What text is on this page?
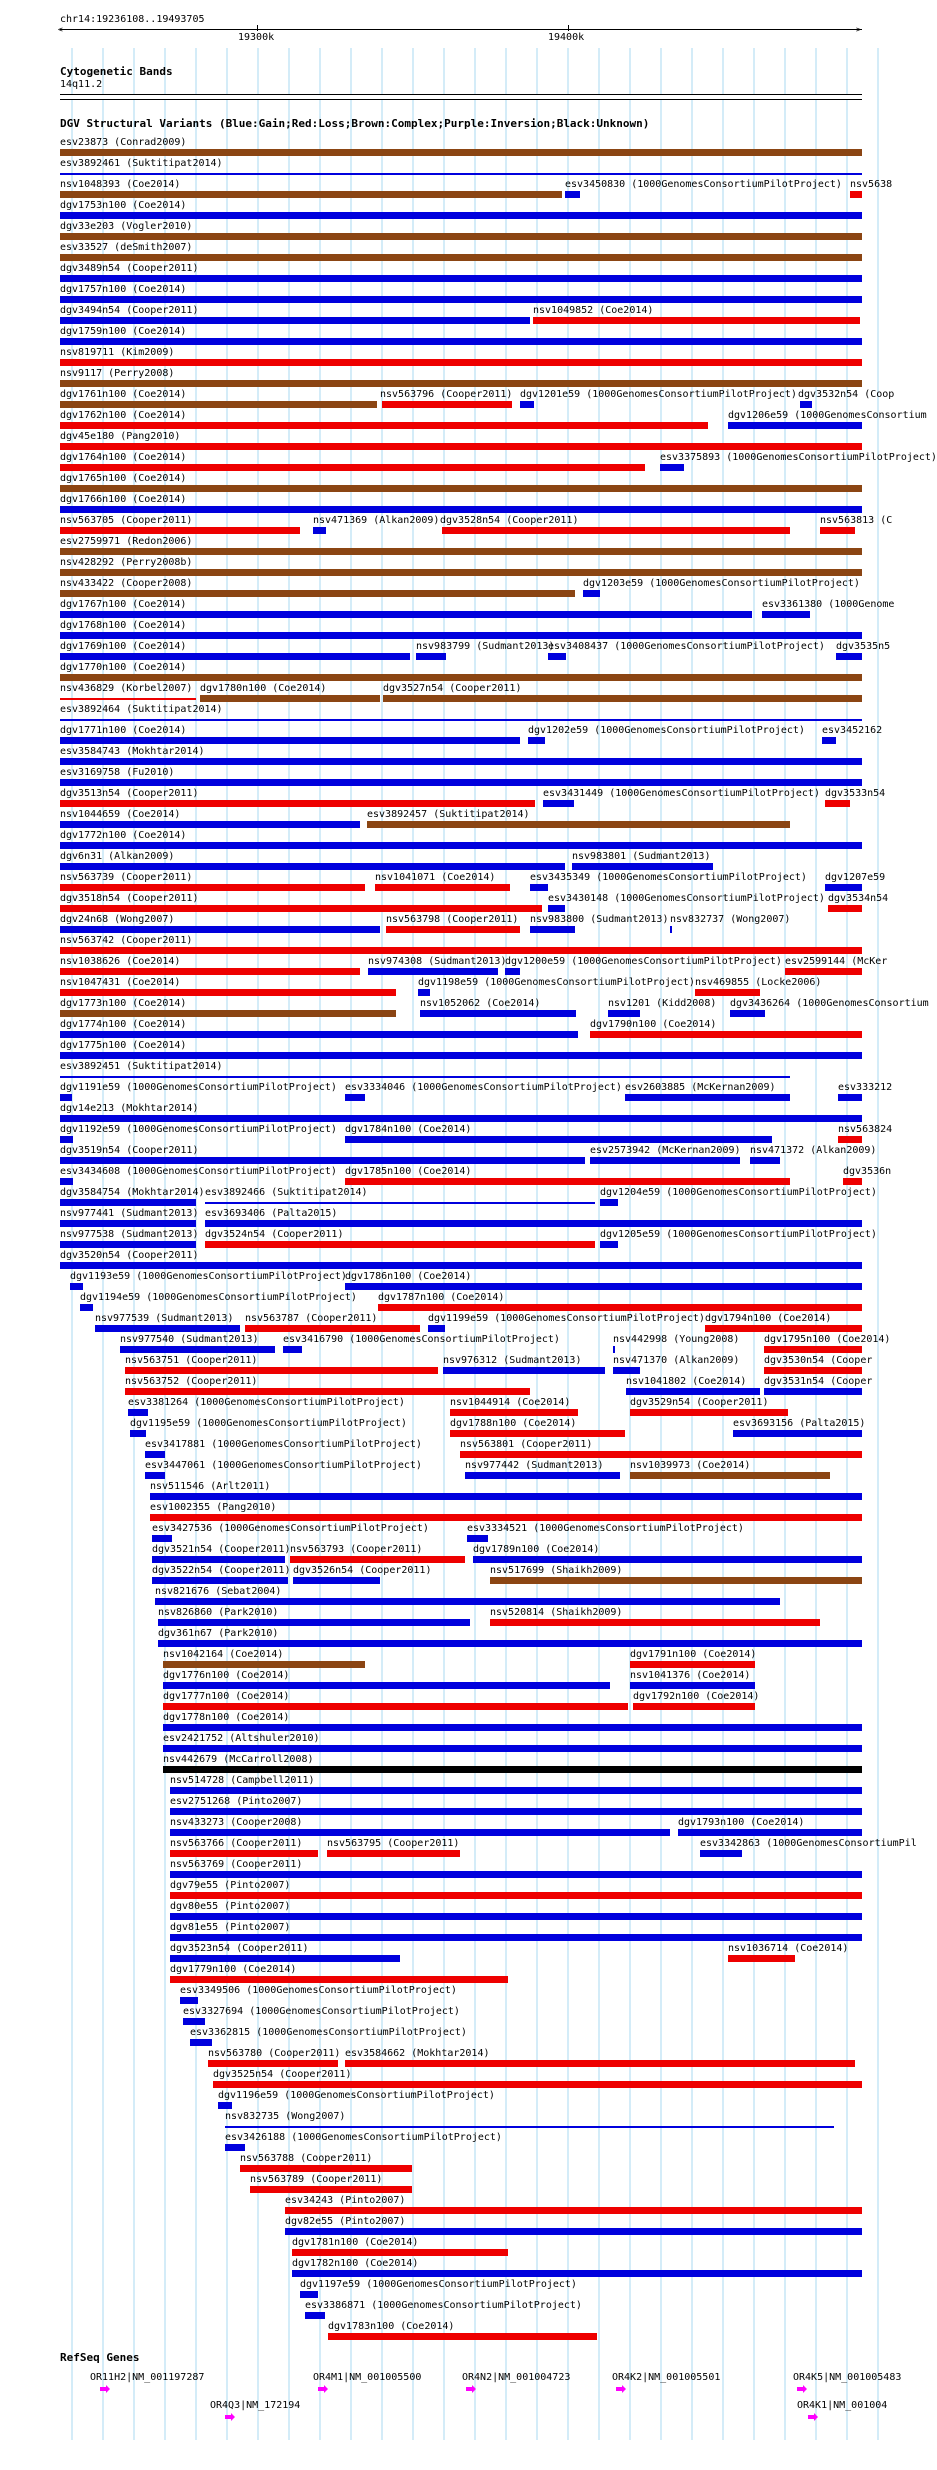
chr14:19236108..19493705
<	>
19300k	19400k
Cytogenetic Bands
14q11.2
DGV Structural Variants (Blue:Gain;Red:Loss;Brown:Complex;Purple:Inversion;Black:Unknown)
esv23873 (Conrad2009)
esv3892461 (Suktitipat2014)
nsv1048393 (Coe2014)	esv3450830 (1000GenomesConsortiumPilotProject) nsv5638
dgv1753n100 (Coe2014)
dgv33e203 (Vogler2010)
esv33527 (deSmith2007)
dgv3489n54 (Cooper2011)
dgv1757n100 (Coe2014)
dgv3494n54 (Cooper2011)	nsv1049852 (Coe2014)
dgv1759n100 (Coe2014)
nsv819711 (Kim2009)
nsv9117 (Perry2008)
dgv1761n100 (Coe2014)	nsv563796 (Cooper2011) dgv1201e59 (1000GenomesConsortiumPilotProject) dgv3532n54 (Coop
dgv1762n100 (Coe2014)	dgv1206e59 (1000GenomesConsortium
dgv45e180 (Pang2010)
dgv1764n100 (Coe2014)	esv3375893 (1000GenomesConsortiumPilotProject)
dgv1765n100 (Coe2014)
dgv1766n100 (Coe2014)
nsv563705 (Cooper2011)	nsv471369 (Alkan2009) dgv3528n54 (Cooper2011)	nsv563813 (C
esv2759971 (Redon2006)
nsv428292 (Perry2008b)
nsv433422 (Cooper2008)	dgv1203e59 (1000GenomesConsortiumPilotProject)
dgv1767n100 (Coe2014)	esv3361380 (1000Genome
dgv1768n100 (Coe2014)
dgv1769n100 (Coe2014)	nsv983799 (Sudmant2013)
esv3408437 (1000GenomesConsortiumPilotProject) dgv3535n5
dgv1770n100 (Coe2014)
nsv436829 (Korbel2007) dgv1780n100 (Coe2014)	dgv3527n54 (Cooper2011)
esv3892464 (Suktitipat2014)
dgv1771n100 (Coe2014)	dgv1202e59 (1000GenomesConsortiumPilotProject) esv3452162
esv3584743 (Mokhtar2014)
esv3169758 (Fu2010)
dgv3513n54 (Cooper2011)	esv3431449 (1000GenomesConsortiumPilotProject) dgv3533n54
nsv1044659 (Coe2014)	esv3892457 (Suktitipat2014)
dgv1772n100 (Coe2014)
dgv6n31 (Alkan2009)	nsv983801 (Sudmant2013)
nsv563739 (Cooper2011)	nsv1041071 (Coe2014)	esv3435349 (1000GenomesConsortiumPilotProject) dgv1207e59
dgv3518n54 (Cooper2011)	esv3430148 (1000GenomesConsortiumPilotProject) dgv3534n54
dgv24n68 (Wong2007)	nsv563798 (Cooper2011) nsv983800 (Sudmant2013) nsv832737 (Wong2007)
nsv563742 (Cooper2011)
nsv1038626 (Coe2014)	nsv974308 (Sudmant2013)
dgv1200e59 (1000GenomesConsortiumPilotProject) esv2599144 (McKer
nsv1047431 (Coe2014)	dgv1198e59 (1000GenomesConsortiumPilotProject) nsv469855 (Locke2006)
dgv1773n100 (Coe2014)	nsv1052062 (Coe2014)	nsv1201 (Kidd2008) dgv3436264 (1000GenomesConsortium
dgv1774n100 (Coe2014)	dgv1790n100 (Coe2014)
dgv1775n100 (Coe2014)
esv3892451 (Suktitipat2014)
dgv1191e59 (1000GenomesConsortiumPilotProject) esv3334046 (1000GenomesConsortiumPilotProject) esv2603885 (McKernan2009)	esv333212
dgv14e213 (Mokhtar2014)
dgv1192e59 (1000GenomesConsortiumPilotProject) dgv1784n100 (Coe2014)	nsv563824
dgv3519n54 (Cooper2011)	esv2573942 (McKernan2009) nsv471372 (Alkan2009)
esv3434608 (1000GenomesConsortiumPilotProject) dgv1785n100 (Coe2014)	dgv3536n
dgv3584754 (Mokhtar2014) esv3892466 (Suktitipat2014)	dgv1204e59 (1000GenomesConsortiumPilotProject)
nsv977441 (Sudmant2013) esv3693406 (Palta2015)
nsv977538 (Sudmant2013) dgv3524n54 (Cooper2011)	dgv1205e59 (1000GenomesConsortiumPilotProject)
dgv3520n54 (Cooper2011)
dgv1193e59 (1000GenomesConsortiumPilotProject)
dgv1786n100 (Coe2014)
dgv1194e59 (1000GenomesConsortiumPilotProject) dgv1787n100 (Coe2014)
nsv977539 (Sudmant2013) nsv563787 (Cooper2011)	dgv1199e59 (1000GenomesConsortiumPilotProject) dgv1794n100 (Coe2014)
nsv977540 (Sudmant2013) esv3416790 (1000GenomesConsortiumPilotProject)	nsv442998 (Young2008) dgv1795n100 (Coe2014)
nsv563751 (Cooper2011)	nsv976312 (Sudmant2013)	nsv471370 (Alkan2009) dgv3530n54 (Cooper
nsv563752 (Cooper2011)	nsv1041802 (Coe2014) dgv3531n54 (Cooper
esv3381264 (1000GenomesConsortiumPilotProject)	nsv1044914 (Coe2014)	dgv3529n54 (Cooper2011)
dgv1195e59 (1000GenomesConsortiumPilotProject)	dgv1788n100 (Coe2014)	esv3693156 (Palta2015)
esv3417881 (1000GenomesConsortiumPilotProject)	nsv563801 (Cooper2011)
esv3447061 (1000GenomesConsortiumPilotProject)	nsv977442 (Sudmant2013)	nsv1039973 (Coe2014)
nsv511546 (Arlt2011)
esv1002355 (Pang2010)
esv3427536 (1000GenomesConsortiumPilotProject)	esv3334521 (1000GenomesConsortiumPilotProject)
dgv3521n54 (Cooper2011) nsv563793 (Cooper2011)	dgv1789n100 (Coe2014)
dgv3522n54 (Cooper2011) dgv3526n54 (Cooper2011)	nsv517699 (Shaikh2009)
nsv821676 (Sebat2004)
nsv826860 (Park2010)	nsv520814 (Shaikh2009)
dgv361n67 (Park2010)
nsv1042164 (Coe2014)	dgv1791n100 (Coe2014)
dgv1776n100 (Coe2014)	nsv1041376 (Coe2014)
dgv1777n100 (Coe2014)	dgv1792n100 (Coe2014)
dgv1778n100 (Coe2014)
esv2421752 (Altshuler2010)
nsv442679 (McCarroll2008)
nsv514728 (Campbell2011)
esv2751268 (Pinto2007)
nsv433273 (Cooper2008)	dgv1793n100 (Coe2014)
nsv563766 (Cooper2011) nsv563795 (Cooper2011)	esv3342863 (1000GenomesConsortiumPil
nsv563769 (Cooper2011)
dgv79e55 (Pinto2007)
dgv80e55 (Pinto2007)
dgv81e55 (Pinto2007)
dgv3523n54 (Cooper2011)	nsv1036714 (Coe2014)
dgv1779n100 (Coe2014)
esv3349506 (1000GenomesConsortiumPilotProject)
esv3327694 (1000GenomesConsortiumPilotProject)
esv3362815 (1000GenomesConsortiumPilotProject)
nsv563780 (Cooper2011) esv3584662 (Mokhtar2014)
dgv3525n54 (Cooper2011)
dgv1196e59 (1000GenomesConsortiumPilotProject)
nsv832735 (Wong2007)
esv3426188 (1000GenomesConsortiumPilotProject)
nsv563788 (Cooper2011)
nsv563789 (Cooper2011)
esv34243 (Pinto2007)
dgv82e55 (Pinto2007)
dgv1781n100 (Coe2014)
dgv1782n100 (Coe2014)
dgv1197e59 (1000GenomesConsortiumPilotProject)
esv3386871 (1000GenomesConsortiumPilotProject)
dgv1783n100 (Coe2014)
RefSeq Genes
OR11H2|NM_001197287	OR4M1|NM_001005500	OR4N2|NM_001004723	OR4K2|NM_001005501	OR4K5|NM_001005483
OR4Q3|NM_172194	OR4K1|NM_001004
